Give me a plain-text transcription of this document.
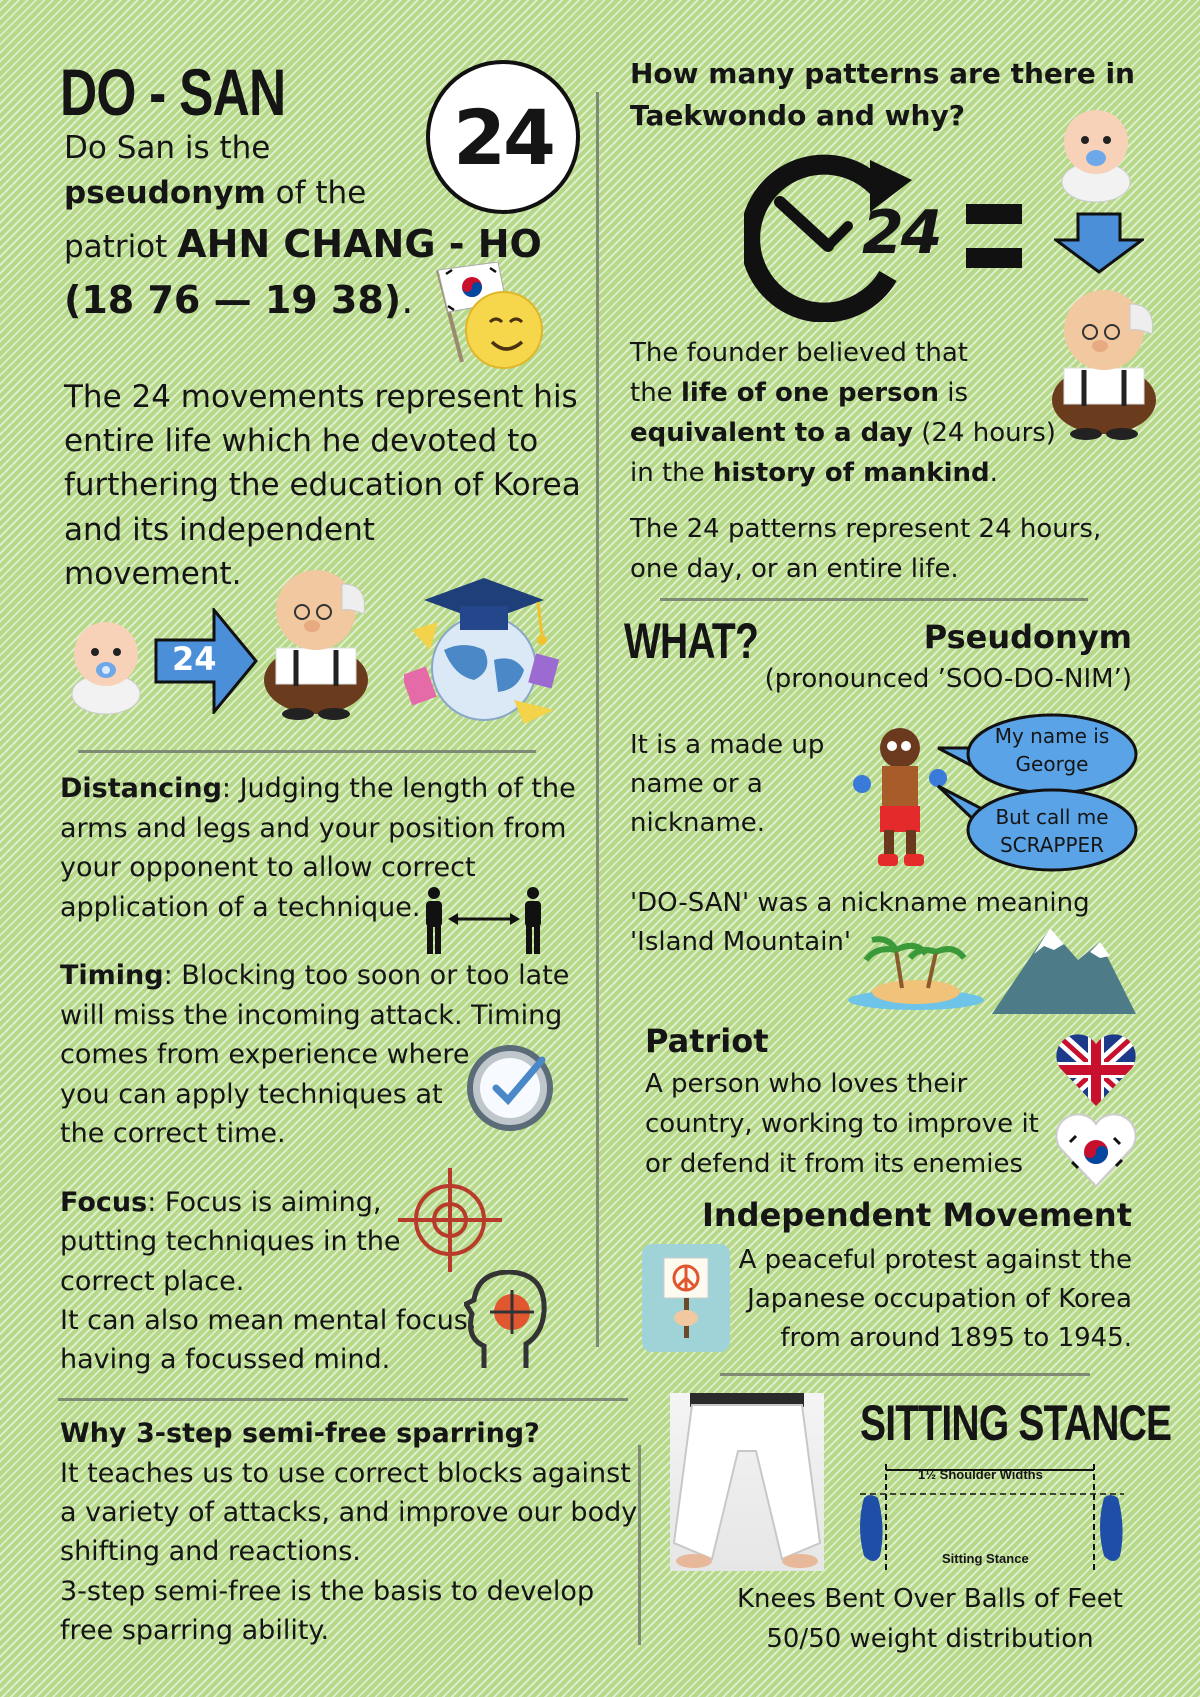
DO - SAN
24
Do San is the
pseudonym of the
patriot AHN CHANG - HO
(18 76 — 19 38).
The 24 movements represent his
entire life which he devoted to
furthering the education of Korea
and its independent
movement.
24
Distancing: Judging the length of the
arms and legs and your position from
your opponent to allow correct
application of a technique.
Timing: Blocking too soon or too late
will miss the incoming attack. Timing
comes from experience where
you can apply techniques at
the correct time.
Focus: Focus is aiming,
putting techniques in the
correct place.
It can also mean mental focus,
having a focussed mind.
Why 3-step semi-free sparring?
It teaches us to use correct blocks against
a variety of attacks, and improve our body
shifting and reactions.
3-step semi-free is the basis to develop
free sparring ability.
How many patterns are there in
Taekwondo and why?
24
The founder believed that
the life of one person is
equivalent to a day (24 hours)
in the history of mankind.
The 24 patterns represent 24 hours,
one day, or an entire life.
WHAT?	Pseudonym
(pronounced ’SOO-DO-NIM’)
It is a made up
name or a
nickname.
My name is George
But call me SCRAPPER
'DO-SAN' was a nickname meaning
'Island Mountain'
Patriot
A person who loves their
country, working to improve it
or defend it from its enemies
Independent Movement
A peaceful protest against the
Japanese occupation of Korea
from around 1895 to 1945.
SITTING STANCE
1½ Shoulder Widths
Sitting Stance
Knees Bent Over Balls of Feet
50/50 weight distribution
